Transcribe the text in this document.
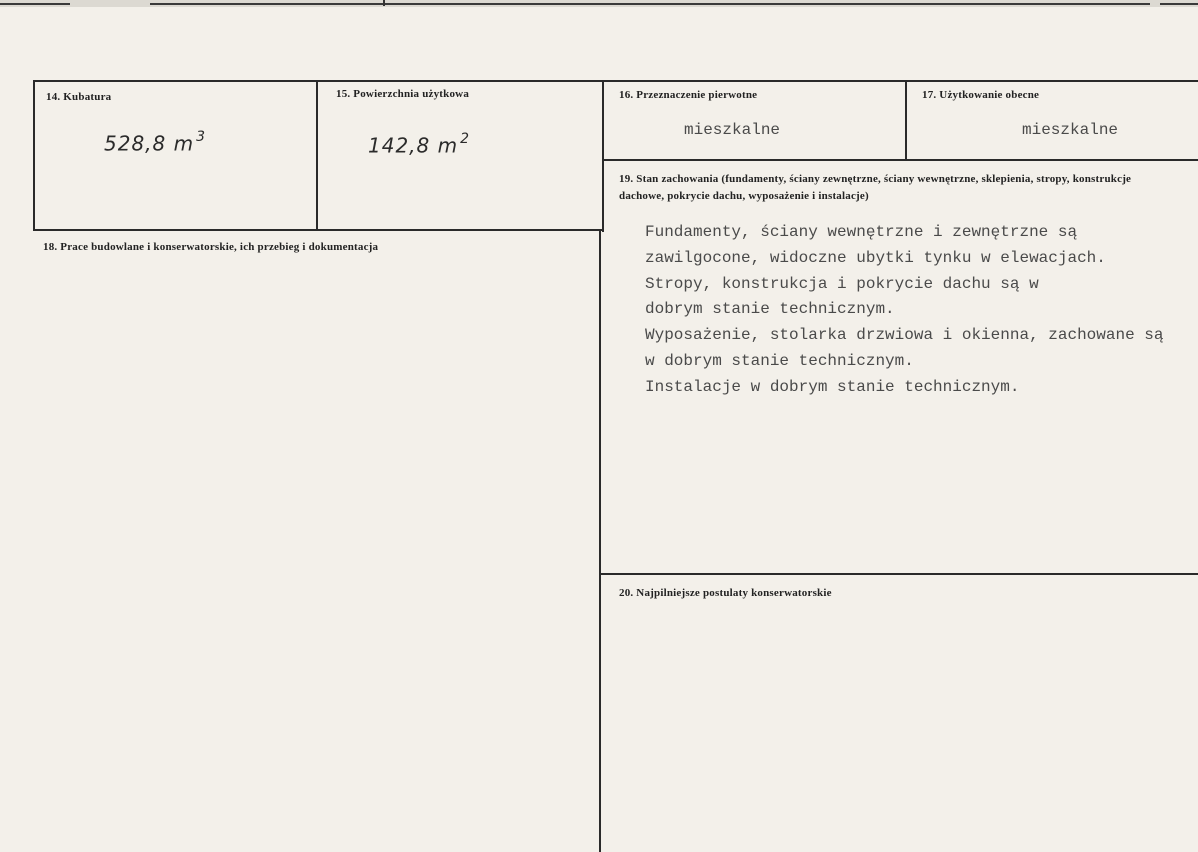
14. Kubatura
528,8 m $^3$
15. Powierzchnia użytkowa
142,8 m $^2$
16. Przeznaczenie pierwotne
mieszkalne
17. Użytkowanie obecne
mieszkalne
18. Prace budowlane i konserwatorskie, ich przebieg i dokumentacja
19. Stan zachowania (fundamenty, ściany zewnętrzne, ściany wewnętrzne, sklepienia, stropy, konstrukcje dachowe, pokrycie dachu, wyposażenie i instalacje)
Fundamenty, ściany wewnętrzne i zewnętrzne są
zawilgocone, widoczne ubytki tynku w elewacjach.
Stropy, konstrukcja i pokrycie dachu są w
dobrym stanie technicznym.
Wyposażenie, stolarka drzwiowa i okienna, zachowane są
w dobrym stanie technicznym.
Instalacje w dobrym stanie technicznym.
20. Najpilniejsze postulaty konserwatorskie
